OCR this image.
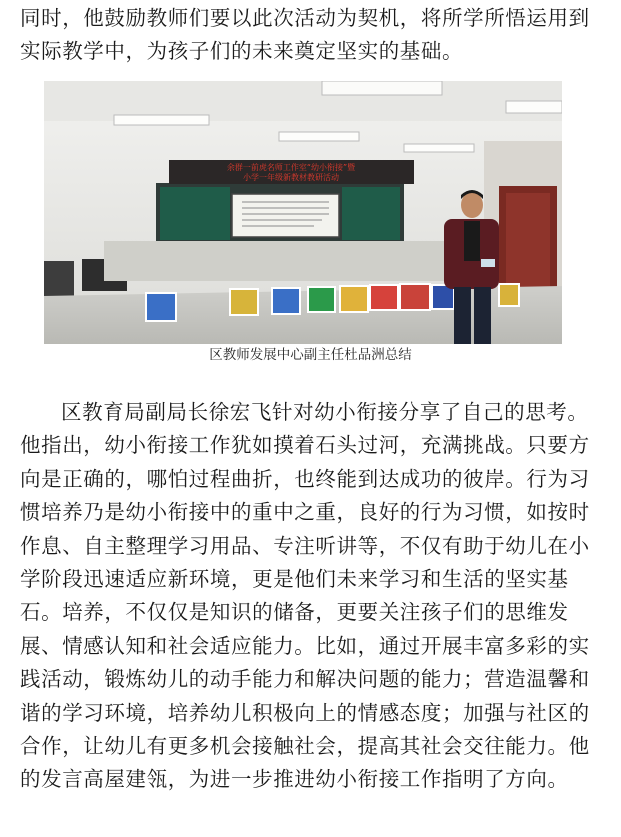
同时，他鼓励教师们要以此次活动为契机，将所学所悟运用到实际教学中，为孩子们的未来奠定坚实的基础。

余群一前虎名师工作室“幼小衔接”暨
小学一年级新教材教研活动
区教师发展中心副主任杜品洲总结

区教育局副局长徐宏飞针对幼小衔接分享了自己的思考。他指出，幼小衔接工作犹如摸着石头过河，充满挑战。只要方向是正确的，哪怕过程曲折，也终能到达成功的彼岸。行为习惯培养乃是幼小衔接中的重中之重，良好的行为习惯，如按时作息、自主整理学习用品、专注听讲等，不仅有助于幼儿在小学阶段迅速适应新环境，更是他们未来学习和生活的坚实基石。培养，不仅仅是知识的储备，更要关注孩子们的思维发展、情感认知和社会适应能力。比如，通过开展丰富多彩的实践活动，锻炼幼儿的动手能力和解决问题的能力；营造温馨和谐的学习环境，培养幼儿积极向上的情感态度；加强与社区的合作，让幼儿有更多机会接触社会，提高其社会交往能力。他的发言高屋建瓴，为进一步推进幼小衔接工作指明了方向。
